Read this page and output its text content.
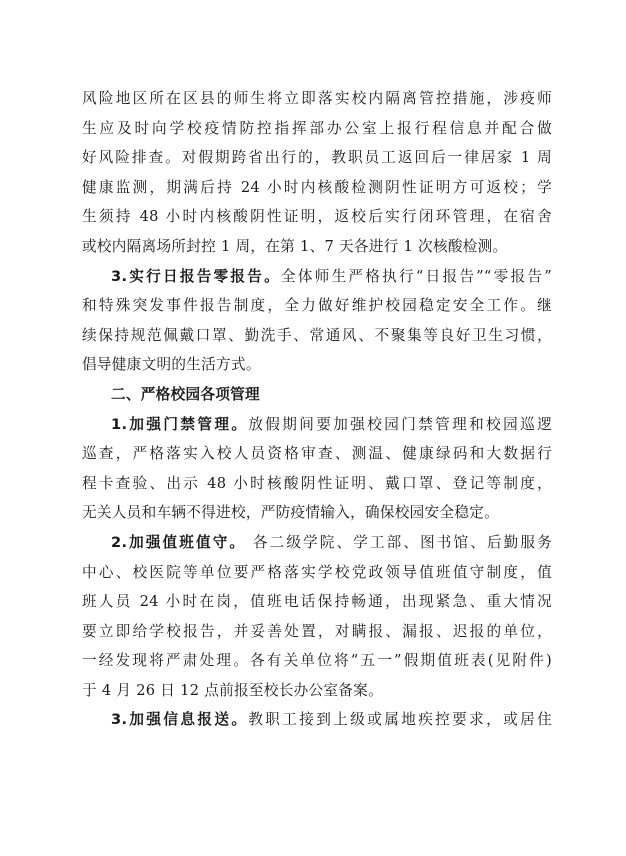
风险地区所在区县的师生将立即落实校内隔离管控措施，涉疫师

生应及时向学校疫情防控指挥部办公室上报行程信息并配合做

好风险排查。对假期跨省出行的，教职员工返回后一律居家 1 周

健康监测，期满后持 24 小时内核酸检测阴性证明方可返校；学

生须持 48 小时内核酸阴性证明，返校后实行闭环管理，在宿舍

或校内隔离场所封控 1 周，在第 1、7 天各进行 1 次核酸检测。

3.实行日报告零报告。全体师生严格执行“日报告”“零报告”

和特殊突发事件报告制度，全力做好维护校园稳定安全工作。继

续保持规范佩戴口罩、勤洗手、常通风、不聚集等良好卫生习惯，

倡导健康文明的生活方式。

二、严格校园各项管理

1.加强门禁管理。放假期间要加强校园门禁管理和校园巡逻

巡查，严格落实入校人员资格审查、测温、健康绿码和大数据行

程卡查验、出示 48 小时核酸阴性证明、戴口罩、登记等制度，

无关人员和车辆不得进校，严防疫情输入，确保校园安全稳定。

2.加强值班值守。 各二级学院、学工部、图书馆、后勤服务

中心、校医院等单位要严格落实学校党政领导值班值守制度，值

班人员 24 小时在岗，值班电话保持畅通，出现紧急、重大情况

要立即给学校报告，并妥善处置，对瞒报、漏报、迟报的单位，

一经发现将严肃处理。各有关单位将“五一”假期值班表(见附件)

于 4 月 26 日 12 点前报至校长办公室备案。

3.加强信息报送。教职工接到上级或属地疾控要求，或居住
